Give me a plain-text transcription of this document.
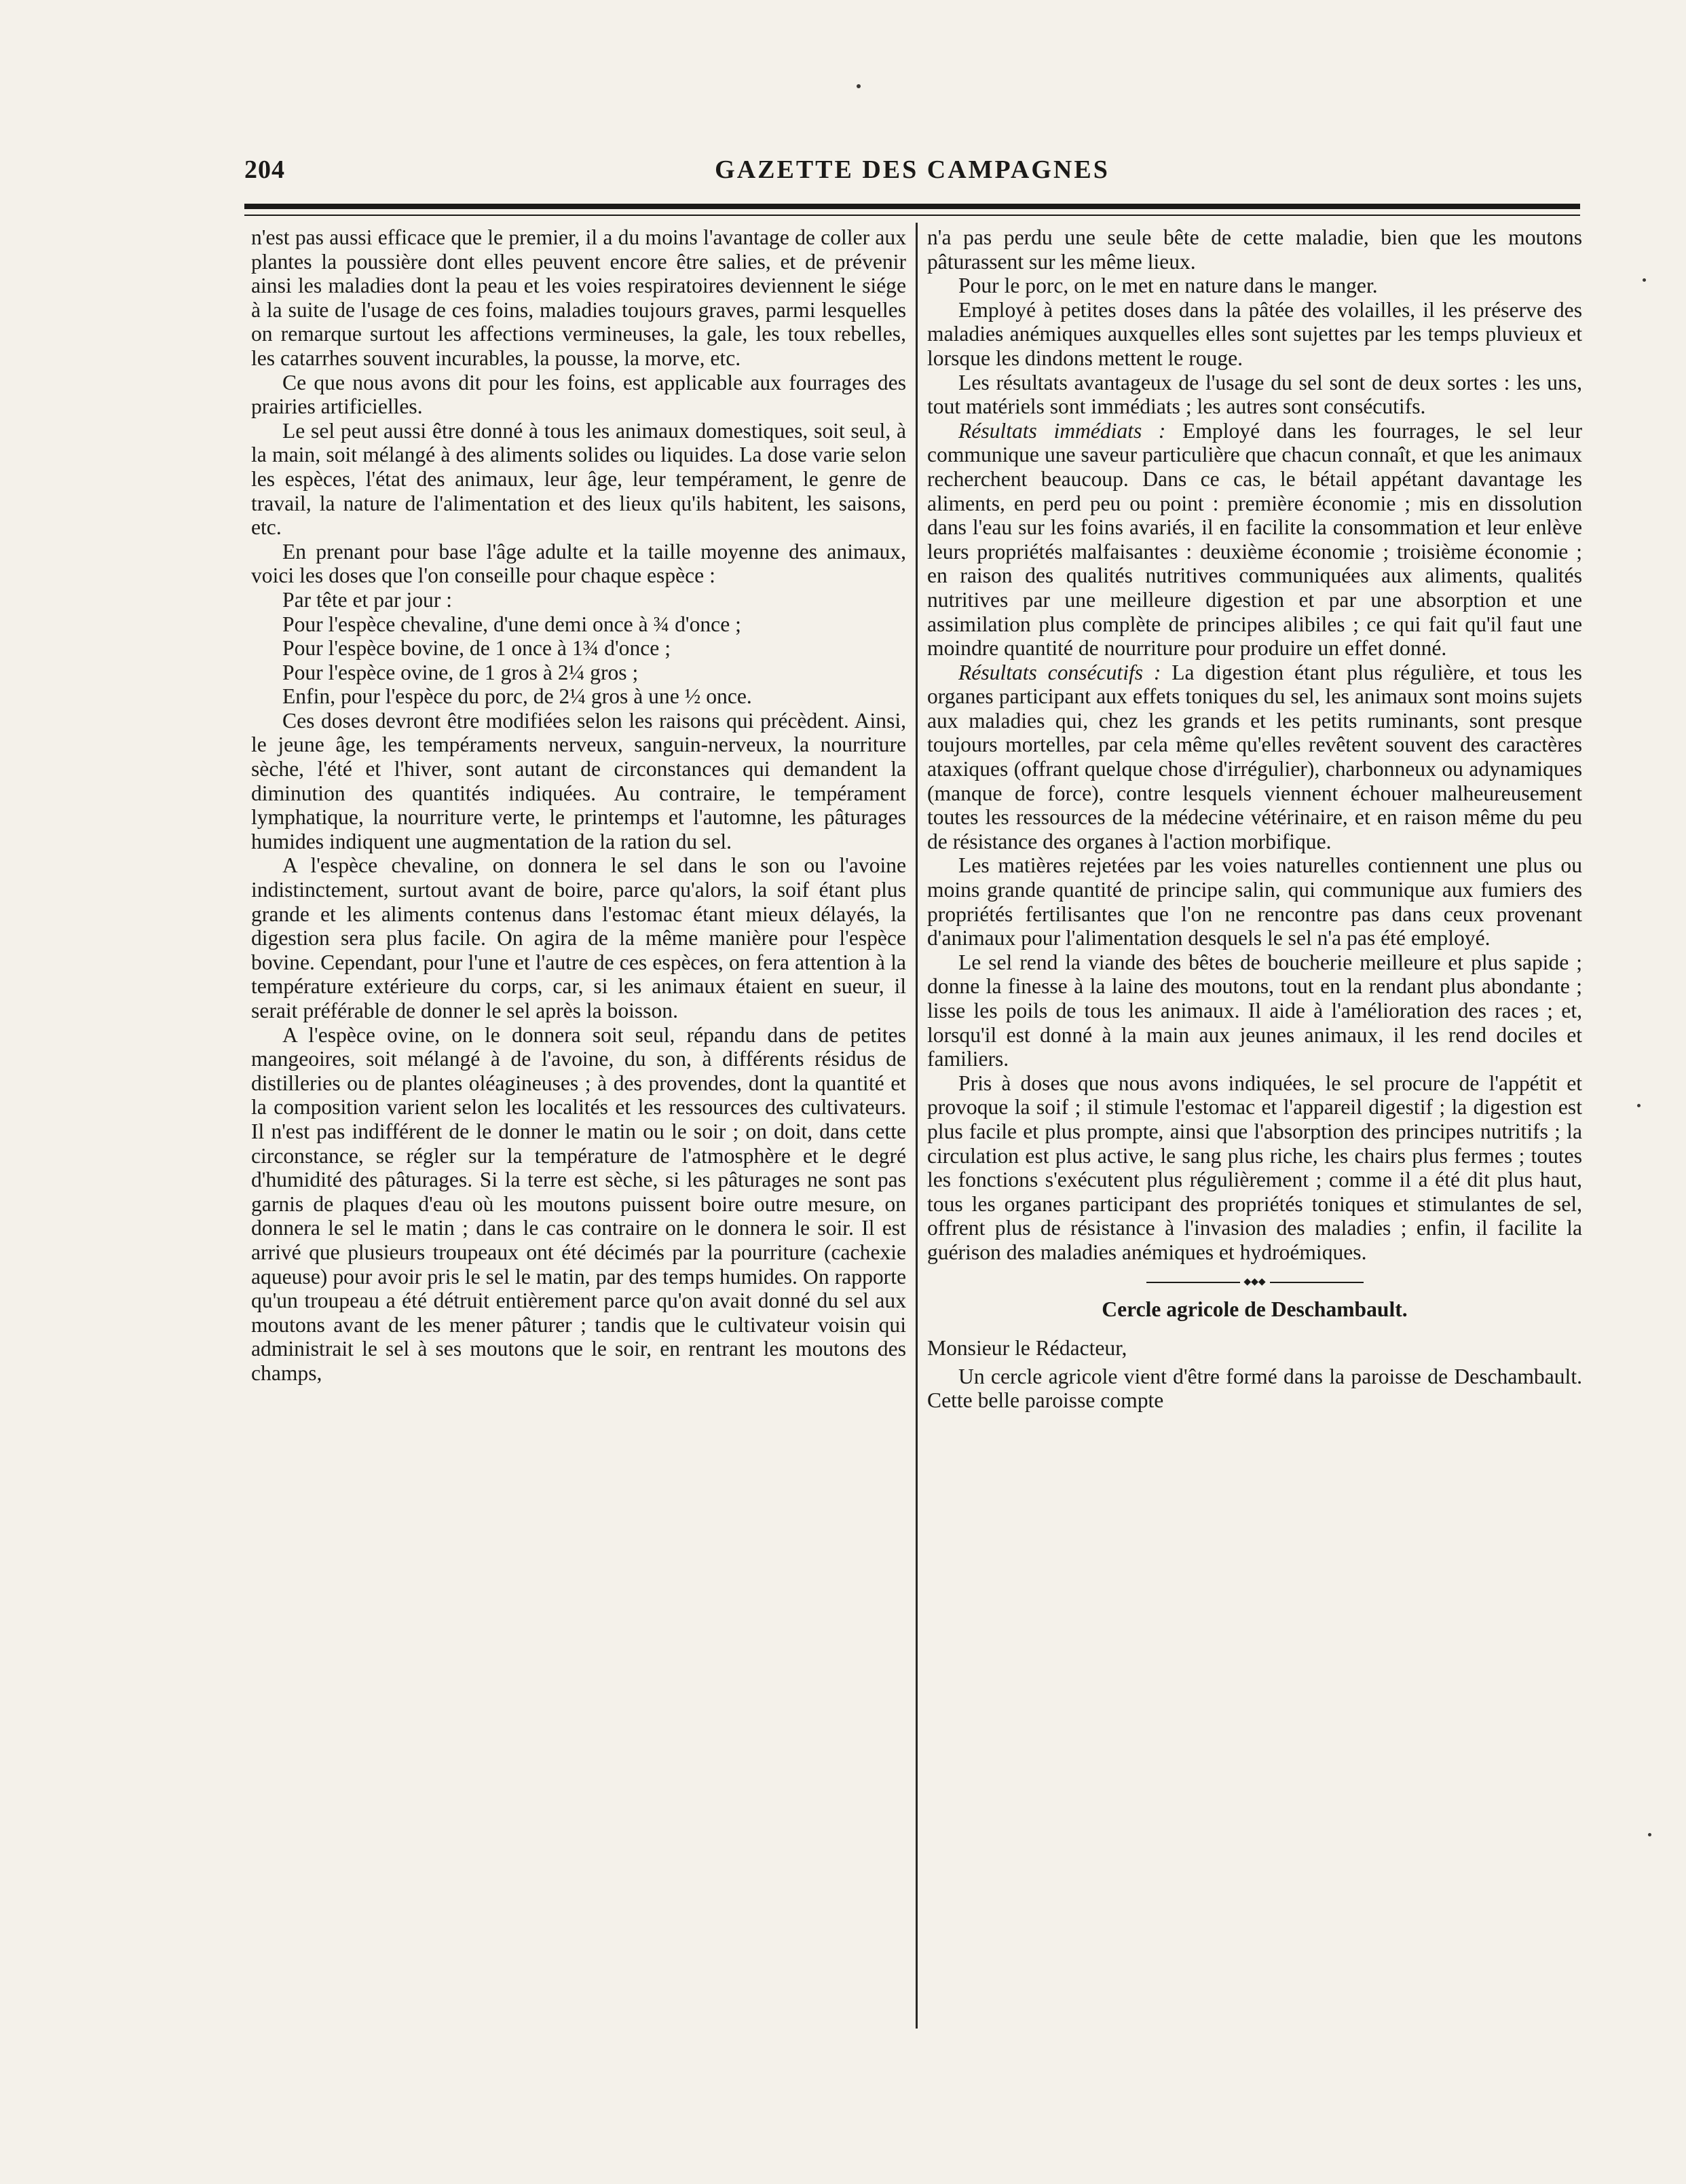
204	GAZETTE DES CAMPAGNES

n'est pas aussi efficace que le premier, il a du moins l'avantage de coller aux plantes la poussière dont elles peuvent encore être salies, et de prévenir ainsi les maladies dont la peau et les voies respiratoires deviennent le siége à la suite de l'usage de ces foins, maladies toujours graves, parmi lesquelles on remarque surtout les affections vermineuses, la gale, les toux rebelles, les catarrhes souvent incurables, la pousse, la morve, etc.

Ce que nous avons dit pour les foins, est applicable aux fourrages des prairies artificielles.

Le sel peut aussi être donné à tous les animaux domestiques, soit seul, à la main, soit mélangé à des aliments solides ou liquides. La dose varie selon les espèces, l'état des animaux, leur âge, leur tempérament, le genre de travail, la nature de l'alimentation et des lieux qu'ils habitent, les saisons, etc.

En prenant pour base l'âge adulte et la taille moyenne des animaux, voici les doses que l'on conseille pour chaque espèce :

Par tête et par jour :

Pour l'espèce chevaline, d'une demi once à ¾ d'once ;

Pour l'espèce bovine, de 1 once à 1¾ d'once ;

Pour l'espèce ovine, de 1 gros à 2¼ gros ;

Enfin, pour l'espèce du porc, de 2¼ gros à une ½ once.

Ces doses devront être modifiées selon les raisons qui précèdent. Ainsi, le jeune âge, les tempéraments nerveux, sanguin-nerveux, la nourriture sèche, l'été et l'hiver, sont autant de circonstances qui demandent la diminution des quantités indiquées. Au contraire, le tempérament lymphatique, la nourriture verte, le printemps et l'automne, les pâturages humides indiquent une augmentation de la ration du sel.

A l'espèce chevaline, on donnera le sel dans le son ou l'avoine indistinctement, surtout avant de boire, parce qu'alors, la soif étant plus grande et les aliments contenus dans l'estomac étant mieux délayés, la digestion sera plus facile. On agira de la même manière pour l'espèce bovine. Cependant, pour l'une et l'autre de ces espèces, on fera attention à la température extérieure du corps, car, si les animaux étaient en sueur, il serait préférable de donner le sel après la boisson.

A l'espèce ovine, on le donnera soit seul, répandu dans de petites mangeoires, soit mélangé à de l'avoine, du son, à différents résidus de distilleries ou de plantes oléagineuses ; à des provendes, dont la quantité et la composition varient selon les localités et les ressources des cultivateurs. Il n'est pas indifférent de le donner le matin ou le soir ; on doit, dans cette circonstance, se régler sur la température de l'atmosphère et le degré d'humidité des pâturages. Si la terre est sèche, si les pâturages ne sont pas garnis de plaques d'eau où les moutons puissent boire outre mesure, on donnera le sel le matin ; dans le cas contraire on le donnera le soir. Il est arrivé que plusieurs troupeaux ont été décimés par la pourriture (cachexie aqueuse) pour avoir pris le sel le matin, par des temps humides. On rapporte qu'un troupeau a été détruit entièrement parce qu'on avait donné du sel aux moutons avant de les mener pâturer ; tandis que le cultivateur voisin qui administrait le sel à ses moutons que le soir, en rentrant les moutons des champs,

n'a pas perdu une seule bête de cette maladie, bien que les moutons pâturassent sur les même lieux.

Pour le porc, on le met en nature dans le manger.

Employé à petites doses dans la pâtée des volailles, il les préserve des maladies anémiques auxquelles elles sont sujettes par les temps pluvieux et lorsque les dindons mettent le rouge.

Les résultats avantageux de l'usage du sel sont de deux sortes : les uns, tout matériels sont immédiats ; les autres sont consécutifs.

Résultats immédiats : Employé dans les fourrages, le sel leur communique une saveur particulière que chacun connaît, et que les animaux recherchent beaucoup. Dans ce cas, le bétail appétant davantage les aliments, en perd peu ou point : première économie ; mis en dissolution dans l'eau sur les foins avariés, il en facilite la consommation et leur enlève leurs propriétés malfaisantes : deuxième économie ; troisième économie ; en raison des qualités nutritives communiquées aux aliments, qualités nutritives par une meilleure digestion et par une absorption et une assimilation plus complète de principes alibiles ; ce qui fait qu'il faut une moindre quantité de nourriture pour produire un effet donné.

Résultats consécutifs : La digestion étant plus régulière, et tous les organes participant aux effets toniques du sel, les animaux sont moins sujets aux maladies qui, chez les grands et les petits ruminants, sont presque toujours mortelles, par cela même qu'elles revêtent souvent des caractères ataxiques (offrant quelque chose d'irrégulier), charbonneux ou adynamiques (manque de force), contre lesquels viennent échouer malheureusement toutes les ressources de la médecine vétérinaire, et en raison même du peu de résistance des organes à l'action morbifique.

Les matières rejetées par les voies naturelles contiennent une plus ou moins grande quantité de principe salin, qui communique aux fumiers des propriétés fertilisantes que l'on ne rencontre pas dans ceux provenant d'animaux pour l'alimentation desquels le sel n'a pas été employé.

Le sel rend la viande des bêtes de boucherie meilleure et plus sapide ; donne la finesse à la laine des moutons, tout en la rendant plus abondante ; lisse les poils de tous les animaux. Il aide à l'amélioration des races ; et, lorsqu'il est donné à la main aux jeunes animaux, il les rend dociles et familiers.

Pris à doses que nous avons indiquées, le sel procure de l'appétit et provoque la soif ; il stimule l'estomac et l'appareil digestif ; la digestion est plus facile et plus prompte, ainsi que l'absorption des principes nutritifs ; la circulation est plus active, le sang plus riche, les chairs plus fermes ; toutes les fonctions s'exécutent plus régulièrement ; comme il a été dit plus haut, tous les organes participant des propriétés toniques et stimulantes de sel, offrent plus de résistance à l'invasion des maladies ; enfin, il facilite la guérison des maladies anémiques et hydroémiques.

◆◆◆
Cercle agricole de Deschambault.

Monsieur le Rédacteur,

Un cercle agricole vient d'être formé dans la paroisse de Deschambault. Cette belle paroisse compte
